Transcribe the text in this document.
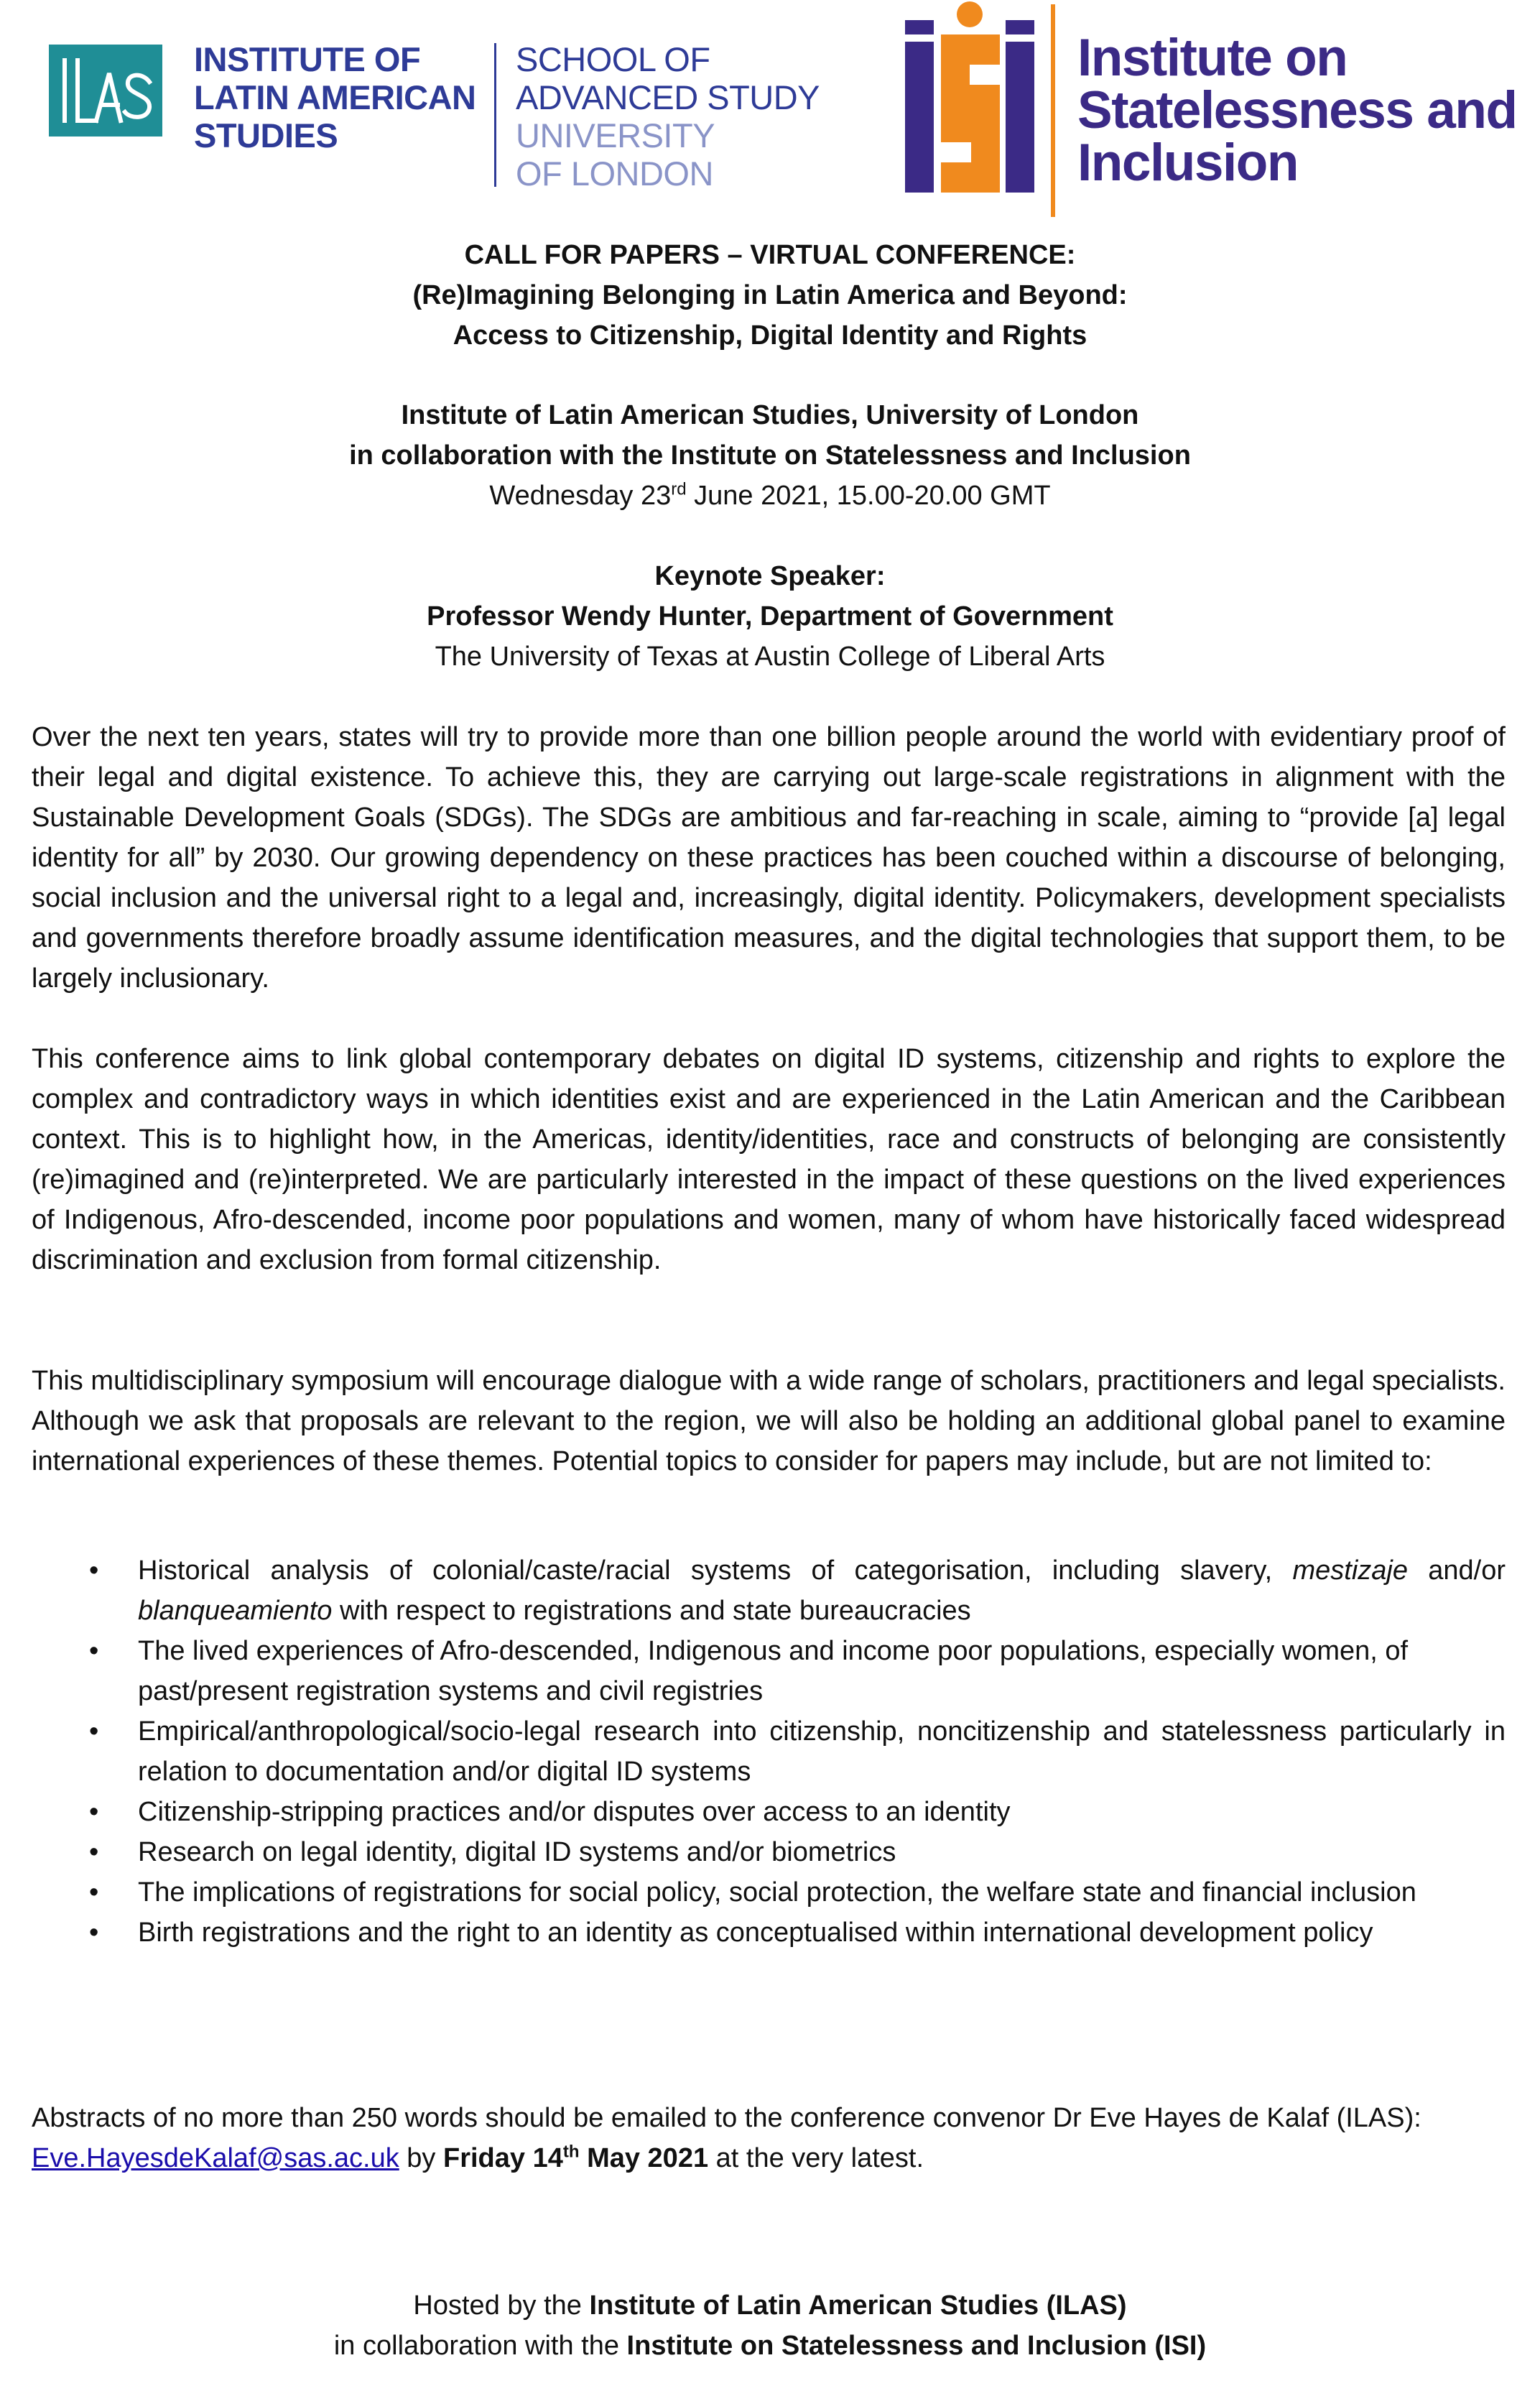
INSTITUTE OF
LATIN AMERICAN
STUDIES
SCHOOL OF
ADVANCED STUDY
UNIVERSITY
OF LONDON
Institute on
Statelessness and
Inclusion
CALL FOR PAPERS – VIRTUAL CONFERENCE:
(Re)Imagining Belonging in Latin America and Beyond:
Access to Citizenship, Digital Identity and Rights
Institute of Latin American Studies, University of London
in collaboration with the Institute on Statelessness and Inclusion
Wednesday 23rd June 2021, 15.00-20.00 GMT
Keynote Speaker:
Professor Wendy Hunter, Department of Government
The University of Texas at Austin College of Liberal Arts

Over the next ten years, states will try to provide more than one billion people around the world with evidentiary proof of their legal and digital existence. To achieve this, they are carrying out large-scale registrations in alignment with the Sustainable Development Goals (SDGs). The SDGs are ambitious and far-reaching in scale, aiming to “provide [a] legal identity for all” by 2030. Our growing dependency on these practices has been couched within a discourse of belonging, social inclusion and the universal right to a legal and, increasingly, digital identity. Policymakers, development specialists and governments therefore broadly assume identification measures, and the digital technologies that support them, to be largely inclusionary.

This conference aims to link global contemporary debates on digital ID systems, citizenship and rights to explore the complex and contradictory ways in which identities exist and are experienced in the Latin American and the Caribbean context. This is to highlight how, in the Americas, identity/identities, race and constructs of belonging are consistently (re)imagined and (re)interpreted. We are particularly interested in the impact of these questions on the lived experiences of Indigenous, Afro-descended, income poor populations and women, many of whom have historically faced widespread discrimination and exclusion from formal citizenship.

This multidisciplinary symposium will encourage dialogue with a wide range of scholars, practitioners and legal specialists. Although we ask that proposals are relevant to the region, we will also be holding an additional global panel to examine international experiences of these themes. Potential topics to consider for papers may include, but are not limited to:

• Historical analysis of colonial/caste/racial systems of categorisation, including slavery, mestizaje and/or blanqueamiento with respect to registrations and state bureaucracies
• The lived experiences of Afro-descended, Indigenous and income poor populations, especially women, of past/present registration systems and civil registries
• Empirical/anthropological/socio-legal research into citizenship, noncitizenship and statelessness particularly in relation to documentation and/or digital ID systems
• Citizenship-stripping practices and/or disputes over access to an identity
• Research on legal identity, digital ID systems and/or biometrics
• The implications of registrations for social policy, social protection, the welfare state and financial inclusion
• Birth registrations and the right to an identity as conceptualised within international development policy

Abstracts of no more than 250 words should be emailed to the conference convenor Dr Eve Hayes de Kalaf (ILAS): Eve.HayesdeKalaf@sas.ac.uk by Friday 14th May 2021 at the very latest.

Hosted by the Institute of Latin American Studies (ILAS)
in collaboration with the Institute on Statelessness and Inclusion (ISI)
